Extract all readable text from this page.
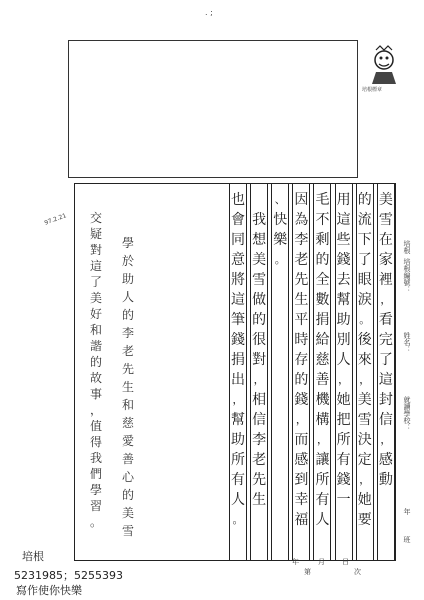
. ;
培根標章
美
雪
在
家
裡
，
看
完
了
這
封
信
，
感
動
的
流
下
了
眼
淚
。
後
來
，
美
雪
決
定
，
她
要
用
這
些
錢
去
幫
助
別
人
，
她
把
所
有
錢
一
毛
不
剩
的
全
數
捐
給
慈
善
機
構
，
讓
所
有
人
因
為
李
老
先
生
平
時
存
的
錢
，
而
感
到
幸
福
、
快
樂
。

我
想
美
雪
做
的
很
對
，
相
信
李
老
先
生
也
會
同
意
將
這
筆
錢
捐
出
，
幫
助
所
有
人
。
學
於
助
人
的
李
老
先
生
和
慈
愛
善
心
的
美
雪
交
疑
對
這
了
美
好
和
諧
的
故
事
，
值
得
我
們
學
習
。
97.2.21
培根
培根編號：
姓名：
就讀學校：
年
班
培根
5231985；5255393
寫作使你快樂
年	月 日
第	次
